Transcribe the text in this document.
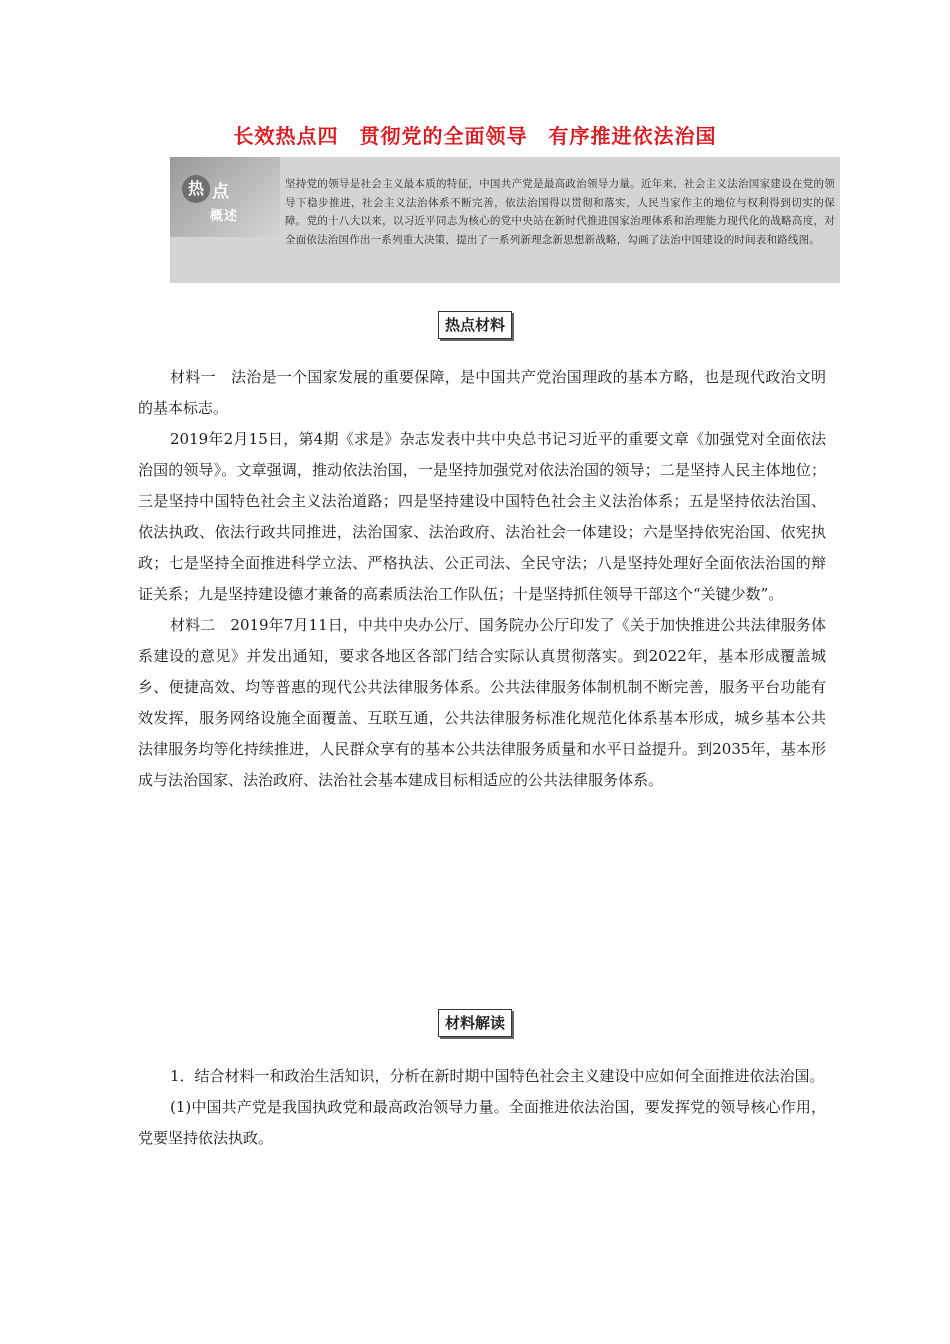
长效热点四　贯彻党的全面领导　有序推进依法治国
热 点
概述
坚持党的领导是社会主义最本质的特征，中国共产党是最高政治领导力量。近年来，社会主义法治国家建设在党的领导下稳步推进，社会主义法治体系不断完善，依法治国得以贯彻和落实，人民当家作主的地位与权利得到切实的保障。党的十八大以来，以习近平同志为核心的党中央站在新时代推进国家治理体系和治理能力现代化的战略高度，对全面依法治国作出一系列重大决策，提出了一系列新理念新思想新战略，勾画了法治中国建设的时间表和路线图。
热点材料

材料一　法治是一个国家发展的重要保障，是中国共产党治国理政的基本方略，也是现代政治文明的基本标志。

2019年2月15日，第4期《求是》杂志发表中共中央总书记习近平的重要文章《加强党对全面依法治国的领导》。文章强调，推动依法治国，一是坚持加强党对依法治国的领导；二是坚持人民主体地位；三是坚持中国特色社会主义法治道路；四是坚持建设中国特色社会主义法治体系；五是坚持依法治国、依法执政、依法行政共同推进，法治国家、法治政府、法治社会一体建设；六是坚持依宪治国、依宪执政；七是坚持全面推进科学立法、严格执法、公正司法、全民守法；八是坚持处理好全面依法治国的辩证关系；九是坚持建设德才兼备的高素质法治工作队伍；十是坚持抓住领导干部这个“关键少数”。

材料二　2019年7月11日，中共中央办公厅、国务院办公厅印发了《关于加快推进公共法律服务体系建设的意见》并发出通知，要求各地区各部门结合实际认真贯彻落实。到2022年，基本形成覆盖城乡、便捷高效、均等普惠的现代公共法律服务体系。公共法律服务体制机制不断完善，服务平台功能有效发挥，服务网络设施全面覆盖、互联互通，公共法律服务标准化规范化体系基本形成，城乡基本公共法律服务均等化持续推进，人民群众享有的基本公共法律服务质量和水平日益提升。到2035年，基本形成与法治国家、法治政府、法治社会基本建成目标相适应的公共法律服务体系。

材料解读

1．结合材料一和政治生活知识，分析在新时期中国特色社会主义建设中应如何全面推进依法治国。

(1)中国共产党是我国执政党和最高政治领导力量。全面推进依法治国，要发挥党的领导核心作用，党要坚持依法执政。
